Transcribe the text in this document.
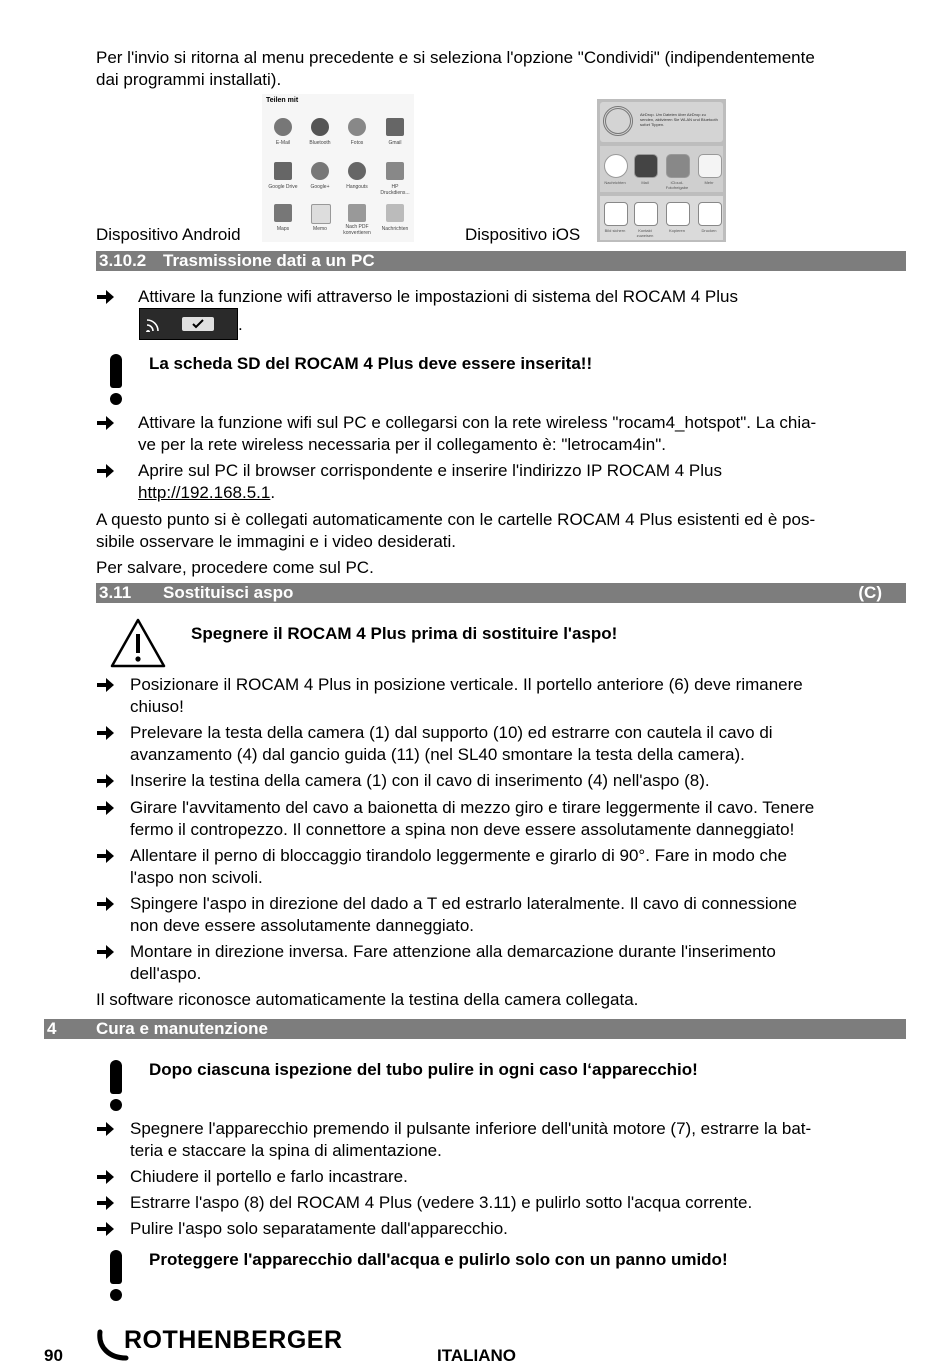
Per l'invio si ritorna al menu precedente e si seleziona l'opzione "Condividi" (indipendentemente
dai programmi installati).
Dispositivo Android
Teilen mit
E-Mail	Bluetooth	Fotos	Gmail
Google Drive	Google+	Hangouts	HP Druckdiens...
Maps	Memo	Nach PDF konvertieren
Nachrichten	Dispositivo iOS
AirDrop. Um Dateien über AirDrop zu senden, aktivieren Sie WLAN und Bluetooth sofort Tippen.
Nachrichten	Mail	iCloud-Fotofreigabe
Mehr
Bild sichern	Kontakt zuweisen
Kopieren	Drucken
3.10.2 Trasmissione dati a un PC
Attivare la funzione wifi attraverso le impostazioni di sistema del ROCAM 4 Plus
.
La scheda SD del ROCAM 4 Plus deve essere inserita!!
Attivare la funzione wifi sul PC e collegarsi con la rete wireless "rocam4_hotspot". La chia-
ve per la rete wireless necessaria per il collegamento è: "letrocam4in".
Aprire sul PC il browser corrispondente e inserire l'indirizzo IP ROCAM 4 Plus
http://192.168.5.1.
A questo punto si è collegati automaticamente con le cartelle ROCAM 4 Plus esistenti ed è pos-
sibile osservare le immagini e i video desiderati.
Per salvare, procedere come sul PC.
3.11 Sostituisci aspo	(C)
Spegnere il ROCAM 4 Plus prima di sostituire l'aspo!
Posizionare il ROCAM 4 Plus in posizione verticale. Il portello anteriore (6) deve rimanere
chiuso!
Prelevare la testa della camera (1) dal supporto (10) ed estrarre con cautela il cavo di
avanzamento (4) dal gancio guida (11) (nel SL40 smontare la testa della camera).
Inserire la testina della camera (1) con il cavo di inserimento (4) nell'aspo (8).
Girare l'avvitamento del cavo a baionetta di mezzo giro e tirare leggermente il cavo. Tenere
fermo il contropezzo. Il connettore a spina non deve essere assolutamente danneggiato!
Allentare il perno di bloccaggio tirandolo leggermente e girarlo di 90°. Fare in modo che
l'aspo non scivoli.
Spingere l'aspo in direzione del dado a T ed estrarlo lateralmente. Il cavo di connessione
non deve essere assolutamente danneggiato.
Montare in direzione inversa. Fare attenzione alla demarcazione durante l'inserimento
dell'aspo.
Il software riconosce automaticamente la testina della camera collegata.
4 Cura e manutenzione
Dopo ciascuna ispezione del tubo pulire in ogni caso l‘apparecchio!
Spegnere l'apparecchio premendo il pulsante inferiore dell'unità motore (7), estrarre la bat-
teria e staccare la spina di alimentazione.
Chiudere il portello e farlo incastrare.
Estrarre l'aspo (8) del ROCAM 4 Plus (vedere 3.11) e pulirlo sotto l'acqua corrente.
Pulire l'aspo solo separatamente dall'apparecchio.
Proteggere l'apparecchio dall'acqua e pulirlo solo con un panno umido!
90
ROTHENBERGER
ITALIANO
